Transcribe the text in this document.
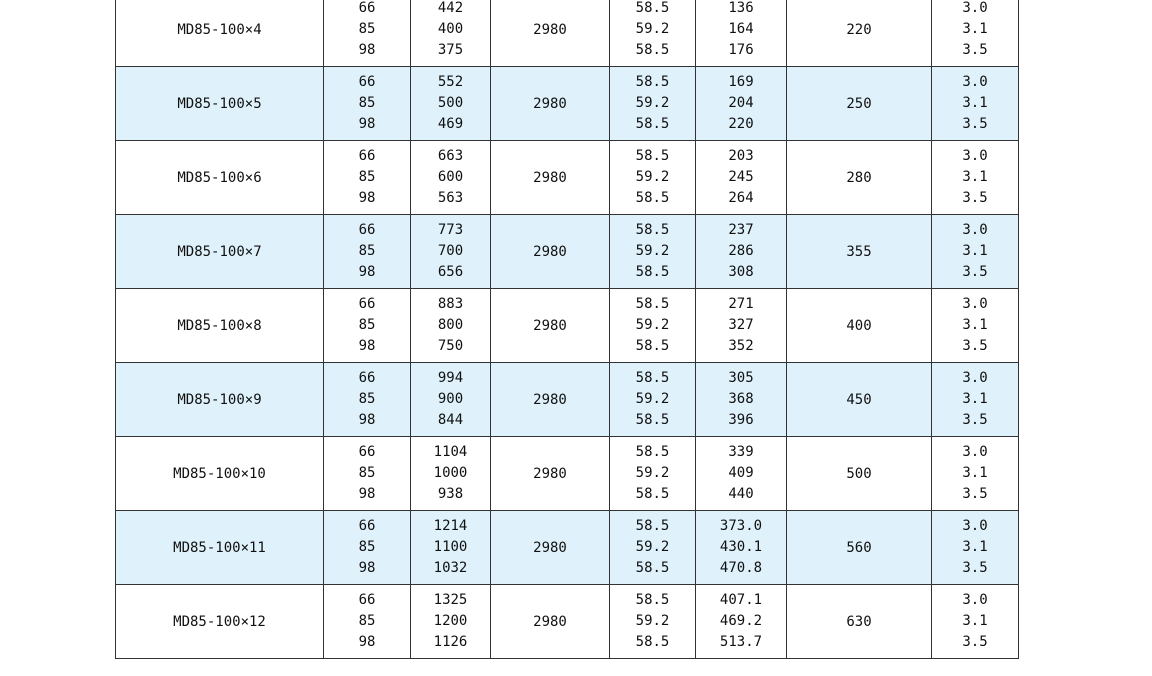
MD85-100×4	66
85
98	442
400
375	2980	58.5
59.2
58.5	136
164
176	220	3.0
3.1
3.5

MD85-100×5	66
85
98	552
500
469	2980	58.5
59.2
58.5	169
204
220	250	3.0
3.1
3.5

MD85-100×6	66
85
98	663
600
563	2980	58.5
59.2
58.5	203
245
264	280	3.0
3.1
3.5

MD85-100×7	66
85
98	773
700
656	2980	58.5
59.2
58.5	237
286
308	355	3.0
3.1
3.5

MD85-100×8	66
85
98	883
800
750	2980	58.5
59.2
58.5	271
327
352	400	3.0
3.1
3.5

MD85-100×9	66
85
98	994
900
844	2980	58.5
59.2
58.5	305
368
396	450	3.0
3.1
3.5

MD85-100×10	66
85
98	1104
1000
938	2980	58.5
59.2
58.5	339
409
440	500	3.0
3.1
3.5

MD85-100×11	66
85
98	1214
1100
1032	2980	58.5
59.2
58.5	373.0
430.1
470.8	560	3.0
3.1
3.5

MD85-100×12	66
85
98	1325
1200
1126	2980	58.5
59.2
58.5	407.1
469.2
513.7	630	3.0
3.1
3.5
